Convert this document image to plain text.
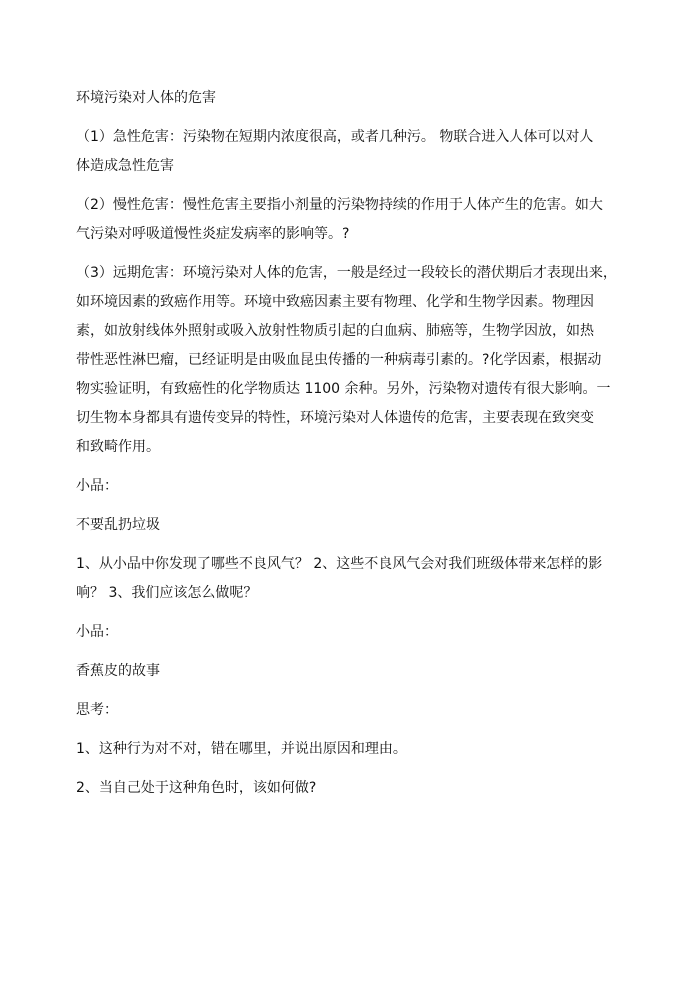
环境污染对人体的危害

（1）急性危害：污染物在短期内浓度很高，或者几种污。 物联合进入人体可以对人
体造成急性危害

（2）慢性危害：慢性危害主要指小剂量的污染物持续的作用于人体产生的危害。如大
气污染对呼吸道慢性炎症发病率的影响等。?

（3）远期危害：环境污染对人体的危害，一般是经过一段较长的潜伏期后才表现出来，
如环境因素的致癌作用等。环境中致癌因素主要有物理、化学和生物学因素。物理因
素，如放射线体外照射或吸入放射性物质引起的白血病、肺癌等，生物学因放，如热
带性恶性淋巴瘤，已经证明是由吸血昆虫传播的一种病毒引素的。?化学因素，根据动
物实验证明，有致癌性的化学物质达 1100 余种。另外，污染物对遗传有很大影响。一
切生物本身都具有遗传变异的特性，环境污染对人体遗传的危害，主要表现在致突变
和致畸作用。

小品：

不要乱扔垃圾

1、从小品中你发现了哪些不良风气？ 2、这些不良风气会对我们班级体带来怎样的影
响？ 3、我们应该怎么做呢？

小品：

香蕉皮的故事

思考：

1、这种行为对不对，错在哪里，并说出原因和理由。

2、当自己处于这种角色时，该如何做?
